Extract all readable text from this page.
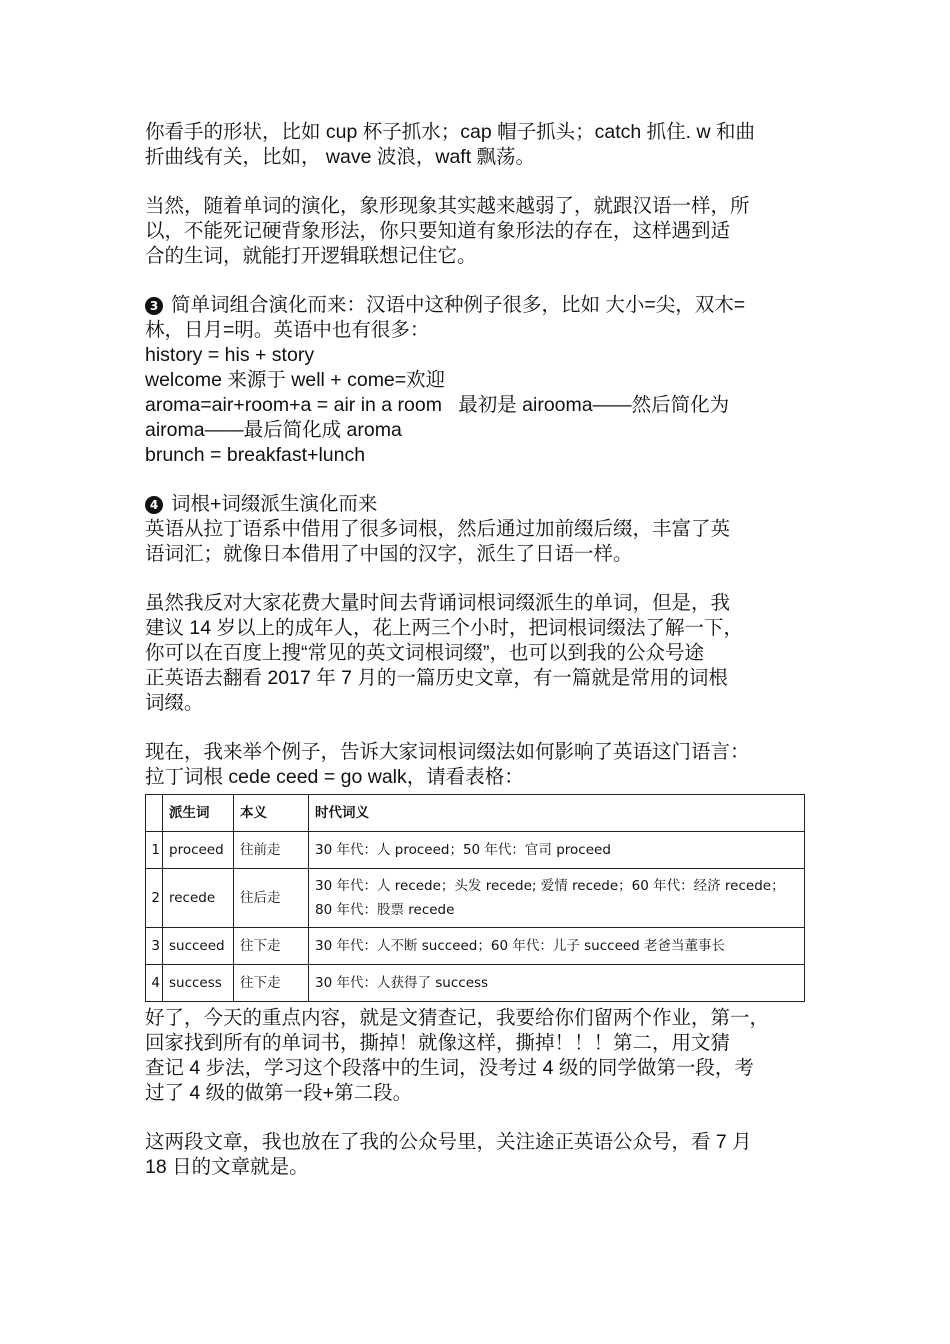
你看手的形状，比如 cup 杯子抓水；cap 帽子抓头；catch 抓住. w 和曲
折曲线有关，比如， wave 波浪，waft 飘荡。

当然，随着单词的演化，象形现象其实越来越弱了，就跟汉语一样，所
以，不能死记硬背象形法，你只要知道有象形法的存在，这样遇到适
合的生词，就能打开逻辑联想记住它。

3 简单词组合演化而来：汉语中这种例子很多，比如 大小=尖，双木=
林，日月=明。英语中也有很多：
history = his + story
welcome 来源于 well + come=欢迎
aroma=air+room+a = air in a room   最初是 airooma——然后简化为
airoma——最后简化成 aroma
brunch = breakfast+lunch
4 词根+词缀派生演化而来

英语从拉丁语系中借用了很多词根，然后通过加前缀后缀，丰富了英
语词汇；就像日本借用了中国的汉字，派生了日语一样。

虽然我反对大家花费大量时间去背诵词根词缀派生的单词，但是，我
建议 14 岁以上的成年人，花上两三个小时，把词根词缀法了解一下，
你可以在百度上搜“常见的英文词根词缀”，也可以到我的公众号途
正英语去翻看 2017 年 7 月的一篇历史文章，有一篇就是常用的词根
词缀。

现在，我来举个例子，告诉大家词根词缀法如何影响了英语这门语言：
拉丁词根 cede ceed = go walk，请看表格：

	派生词	本义	时代词义
1	proceed	往前走	30 年代：人 proceed；50 年代：官司 proceed
2	recede	往后走	30 年代：人 recede；头发 recede; 爱情 recede；60 年代：经济 recede；
80 年代：股票 recede

3	succeed	往下走	30 年代：人不断 succeed；60 年代：儿子 succeed 老爸当董事长
4	success	往下走	30 年代：人获得了 success

好了，今天的重点内容，就是文猜查记，我要给你们留两个作业，第一，
回家找到所有的单词书，撕掉！就像这样，撕掉！！！第二，用文猜
查记 4 步法，学习这个段落中的生词，没考过 4 级的同学做第一段，考
过了 4 级的做第一段+第二段。

这两段文章，我也放在了我的公众号里，关注途正英语公众号，看 7 月
18 日的文章就是。
